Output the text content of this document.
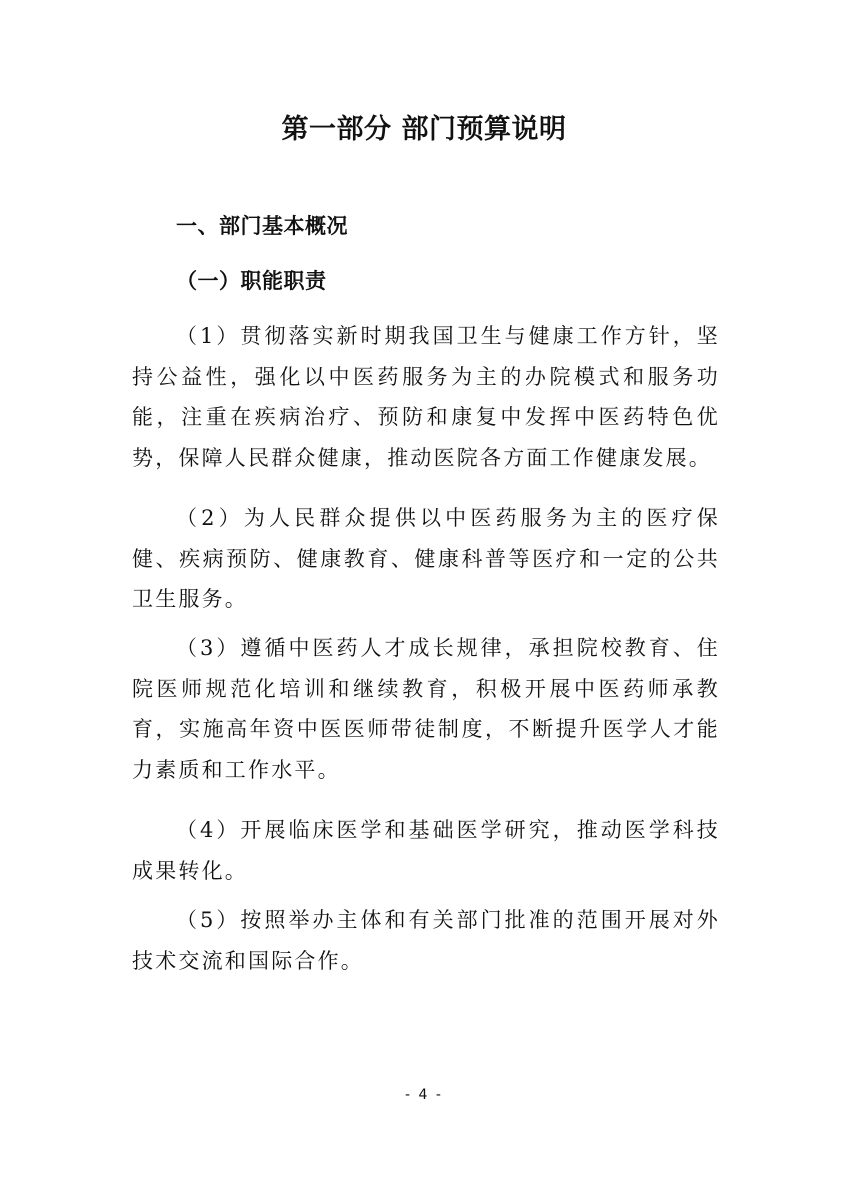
第一部分 部门预算说明
一、部门基本概况
（一）职能职责

（1）贯彻落实新时期我国卫生与健康工作方针，坚持公益性，强化以中医药服务为主的办院模式和服务功能，注重在疾病治疗、预防和康复中发挥中医药特色优势，保障人民群众健康，推动医院各方面工作健康发展。

（2）为人民群众提供以中医药服务为主的医疗保健、疾病预防、健康教育、健康科普等医疗和一定的公共卫生服务。

（3）遵循中医药人才成长规律，承担院校教育、住院医师规范化培训和继续教育，积极开展中医药师承教育，实施高年资中医医师带徒制度，不断提升医学人才能力素质和工作水平。

（4）开展临床医学和基础医学研究，推动医学科技成果转化。

（5）按照举办主体和有关部门批准的范围开展对外技术交流和国际合作。

- 4 -
